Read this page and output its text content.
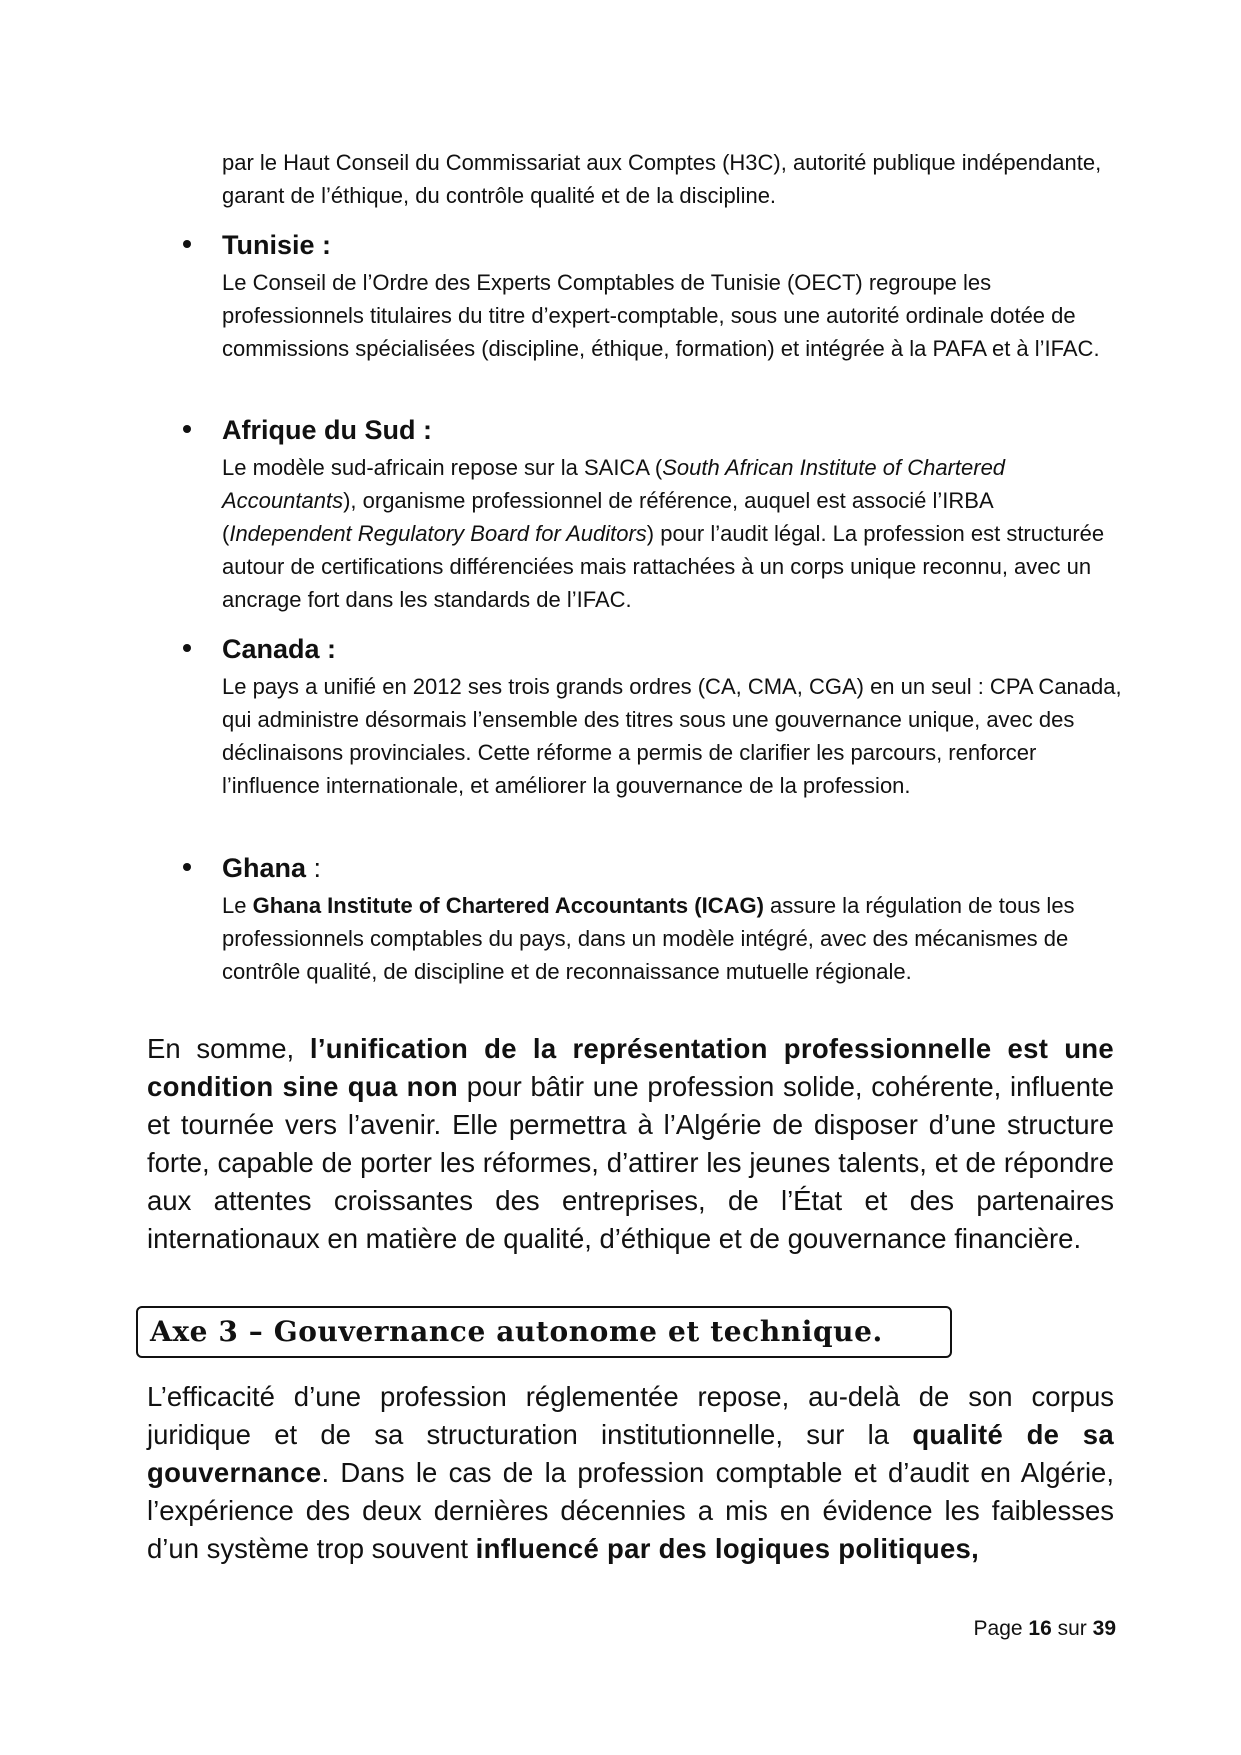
par le Haut Conseil du Commissariat aux Comptes (H3C), autorité publique indépendante, garant de l’éthique, du contrôle qualité et de la discipline.

Tunisie :

Le Conseil de l’Ordre des Experts Comptables de Tunisie (OECT) regroupe les professionnels titulaires du titre d’expert-comptable, sous une autorité ordinale dotée de commissions spécialisées (discipline, éthique, formation) et intégrée à la PAFA et à l’IFAC.

Afrique du Sud :

Le modèle sud-africain repose sur la SAICA (South African Institute of Chartered Accountants), organisme professionnel de référence, auquel est associé l’IRBA (Independent Regulatory Board for Auditors) pour l’audit légal. La profession est structurée autour de certifications différenciées mais rattachées à un corps unique reconnu, avec un ancrage fort dans les standards de l’IFAC.

Canada :

Le pays a unifié en 2012 ses trois grands ordres (CA, CMA, CGA) en un seul : CPA Canada, qui administre désormais l’ensemble des titres sous une gouvernance unique, avec des déclinaisons provinciales. Cette réforme a permis de clarifier les parcours, renforcer l’influence internationale, et améliorer la gouvernance de la profession.

Ghana :

Le Ghana Institute of Chartered Accountants (ICAG) assure la régulation de tous les professionnels comptables du pays, dans un modèle intégré, avec des mécanismes de contrôle qualité, de discipline et de reconnaissance mutuelle régionale.

En somme, l’unification de la représentation professionnelle est une condition sine qua non pour bâtir une profession solide, cohérente, influente et tournée vers l’avenir. Elle permettra à l’Algérie de disposer d’une structure forte, capable de porter les réformes, d’attirer les jeunes talents, et de répondre aux attentes croissantes des entreprises, de l’État et des partenaires internationaux en matière de qualité, d’éthique et de gouvernance financière.

Axe 3 – Gouvernance autonome et technique.

L’efficacité d’une profession réglementée repose, au-delà de son corpus juridique et de sa structuration institutionnelle, sur la qualité de sa gouvernance. Dans le cas de la profession comptable et d’audit en Algérie, l’expérience des deux dernières décennies a mis en évidence les faiblesses d’un système trop souvent influencé par des logiques politiques,

Page 16 sur 39
